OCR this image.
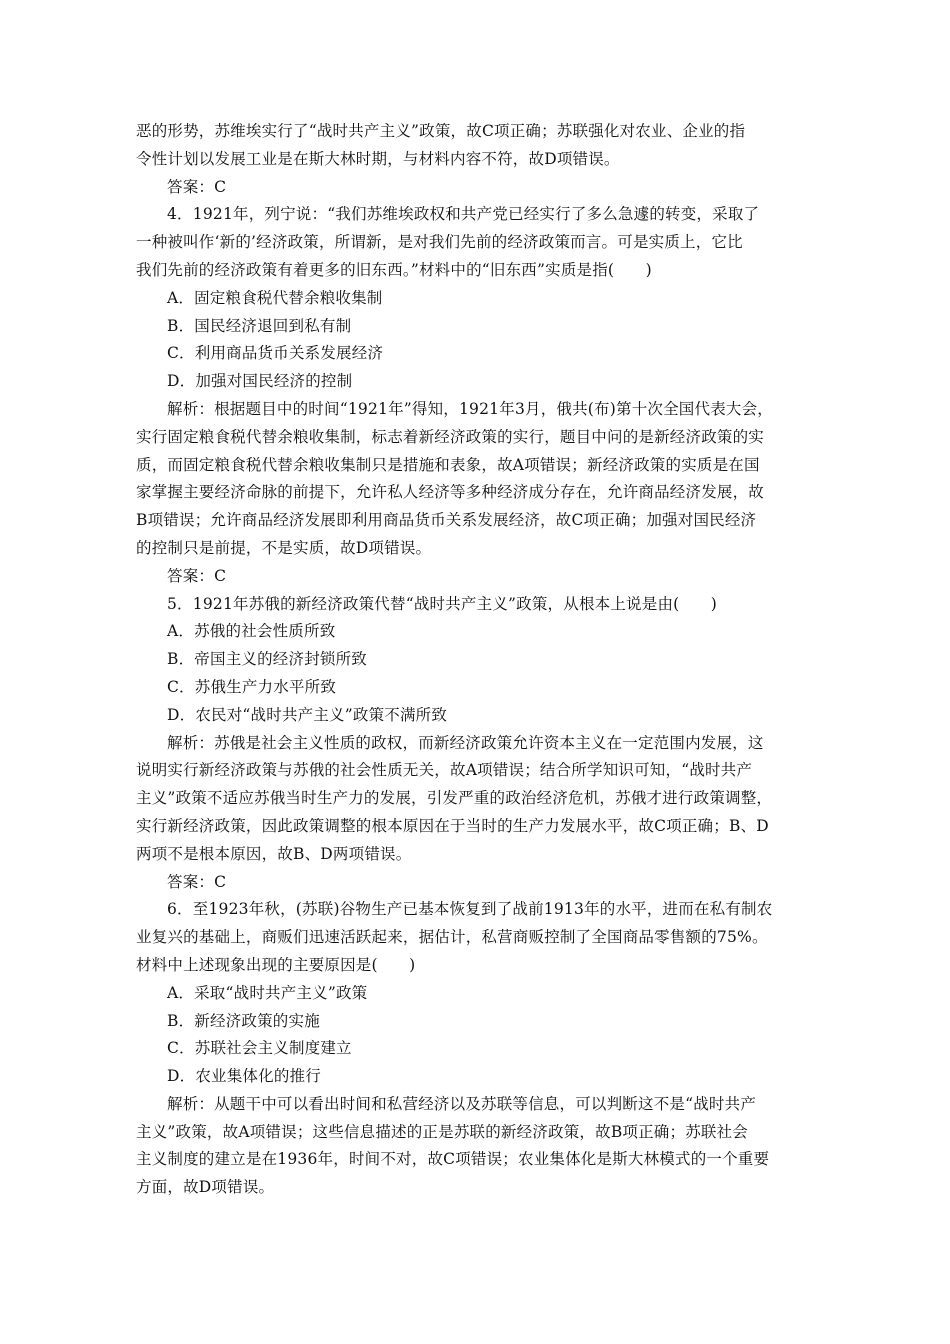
恶的形势，苏维埃实行了“战时共产主义”政策，故C项正确；苏联强化对农业、企业的指
令性计划以发展工业是在斯大林时期，与材料内容不符，故D项错误。
答案：C
4．1921年，列宁说：“我们苏维埃政权和共产党已经实行了多么急遽的转变，采取了
一种被叫作‘新的’经济政策，所谓新，是对我们先前的经济政策而言。可是实质上，它比
我们先前的经济政策有着更多的旧东西。”材料中的“旧东西”实质是指(　　)
A．固定粮食税代替余粮收集制
B．国民经济退回到私有制
C．利用商品货币关系发展经济
D．加强对国民经济的控制
解析：根据题目中的时间“1921年”得知，1921年3月，俄共(布)第十次全国代表大会，
实行固定粮食税代替余粮收集制，标志着新经济政策的实行，题目中问的是新经济政策的实
质，而固定粮食税代替余粮收集制只是措施和表象，故A项错误；新经济政策的实质是在国
家掌握主要经济命脉的前提下，允许私人经济等多种经济成分存在，允许商品经济发展，故
B项错误；允许商品经济发展即利用商品货币关系发展经济，故C项正确；加强对国民经济
的控制只是前提，不是实质，故D项错误。
答案：C
5．1921年苏俄的新经济政策代替“战时共产主义”政策，从根本上说是由(　　)
A．苏俄的社会性质所致
B．帝国主义的经济封锁所致
C．苏俄生产力水平所致
D．农民对“战时共产主义”政策不满所致
解析：苏俄是社会主义性质的政权，而新经济政策允许资本主义在一定范围内发展，这
说明实行新经济政策与苏俄的社会性质无关，故A项错误；结合所学知识可知，“战时共产
主义”政策不适应苏俄当时生产力的发展，引发严重的政治经济危机，苏俄才进行政策调整，
实行新经济政策，因此政策调整的根本原因在于当时的生产力发展水平，故C项正确；B、D
两项不是根本原因，故B、D两项错误。
答案：C
6．至1923年秋，(苏联)谷物生产已基本恢复到了战前1913年的水平，进而在私有制农
业复兴的基础上，商贩们迅速活跃起来，据估计，私营商贩控制了全国商品零售额的75%。
材料中上述现象出现的主要原因是(　　)
A．采取“战时共产主义”政策
B．新经济政策的实施
C．苏联社会主义制度建立
D．农业集体化的推行
解析：从题干中可以看出时间和私营经济以及苏联等信息，可以判断这不是“战时共产
主义”政策，故A项错误；这些信息描述的正是苏联的新经济政策，故B项正确；苏联社会
主义制度的建立是在1936年，时间不对，故C项错误；农业集体化是斯大林模式的一个重要
方面，故D项错误。
